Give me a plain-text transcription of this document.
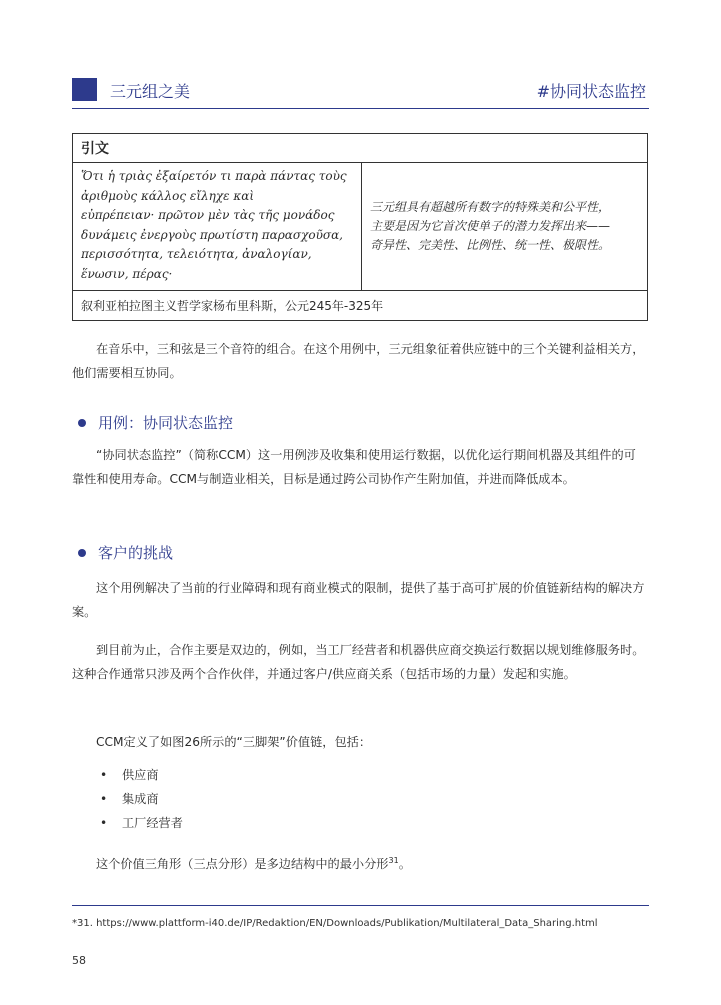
三元组之美	#协同状态监控
引文

Ὅτι ἡ τριὰς ἐξαίρετόν τι παρὰ πάντας τοὺς
ἀριθμοὺς κάλλος εἴληχε καὶ
εὐπρέπειαν· πρῶτον μὲν τὰς τῆς μονάδος
δυνάμεις ἐνεργοὺς πρωτίστη παρασχοῦσα,
περισσότητα, τελειότητα, ἀναλογίαν,
ἕνωσιν, πέρας·

三元组具有超越所有数字的特殊美和公平性，
主要是因为它首次使单子的潜力发挥出来——
奇异性、完美性、比例性、统一性、极限性。

叙利亚柏拉图主义哲学家杨布里科斯，公元245年-325年

在音乐中，三和弦是三个音符的组合。在这个用例中，三元组象征着供应链中的三个关键利益相关方，他们需要相互协同。

用例：协同状态监控

“协同状态监控”（简称CCM）这一用例涉及收集和使用运行数据，以优化运行期间机器及其组件的可靠性和使用寿命。CCM与制造业相关，目标是通过跨公司协作产生附加值，并进而降低成本。

客户的挑战

这个用例解决了当前的行业障碍和现有商业模式的限制，提供了基于高可扩展的价值链新结构的解决方案。

到目前为止，合作主要是双边的，例如，当工厂经营者和机器供应商交换运行数据以规划维修服务时。这种合作通常只涉及两个合作伙伴，并通过客户/供应商关系（包括市场的力量）发起和实施。

CCM定义了如图26所示的“三脚架”价值链，包括：

•	供应商
•	集成商
•	工厂经营者

这个价值三角形（三点分形）是多边结构中的最小分形$^{31}$。

*31. https://www.plattform-i40.de/IP/Redaktion/EN/Downloads/Publikation/Multilateral_Data_Sharing.html
58
